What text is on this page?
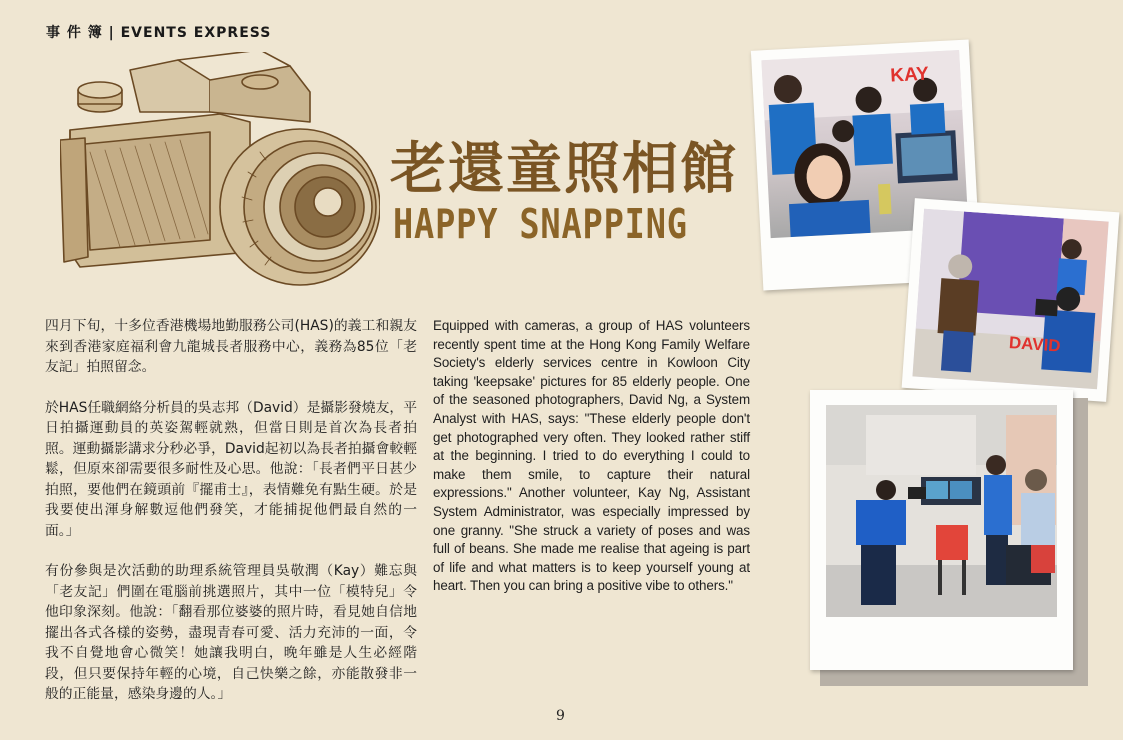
事 件 簿 | EVENTS EXPRESS
老還童照相館
HAPPY SNAPPING

四月下旬，十多位香港機場地勤服務公司(HAS)的義工和親友來到香港家庭福利會九龍城長者服務中心，義務為85位「老友記」拍照留念。

於HAS任職網絡分析員的吳志邦（David）是攝影發燒友，平日拍攝運動員的英姿駕輕就熟，但當日則是首次為長者拍照。運動攝影講求分秒必爭，David起初以為長者拍攝會較輕鬆，但原來卻需要很多耐性及心思。他說：「長者們平日甚少拍照，要他們在鏡頭前『擺甫士』，表情難免有點生硬。於是我要使出渾身解數逗他們發笑，才能捕捉他們最自然的一面。」

有份參與是次活動的助理系統管理員吳敬潤（Kay）難忘與「老友記」們圍在電腦前挑選照片，其中一位「模特兒」令他印象深刻。他說：「翻看那位婆婆的照片時，看見她自信地擺出各式各樣的姿勢，盡現青春可愛、活力充沛的一面，令我不自覺地會心微笑！她讓我明白，晚年雖是人生必經階段，但只要保持年輕的心境，自己快樂之餘，亦能散發非一般的正能量，感染身邊的人。」

Equipped with cameras, a group of HAS volunteers recently spent time at the Hong Kong Family Welfare Society's elderly services centre in Kowloon City taking 'keepsake' pictures for 85 elderly people. One of the seasoned photographers, David Ng, a System Analyst with HAS, says: "These elderly people don't get photographed very often. They looked rather stiff at the beginning. I tried to do everything I could to make them smile, to capture their natural expressions." Another volunteer, Kay Ng, Assistant System Administrator, was especially impressed by one granny. "She struck a variety of poses and was full of beans. She made me realise that ageing is part of life and what matters is to keep yourself young at heart. Then you can bring a positive vibe to others."
KAY
DAVID
9
